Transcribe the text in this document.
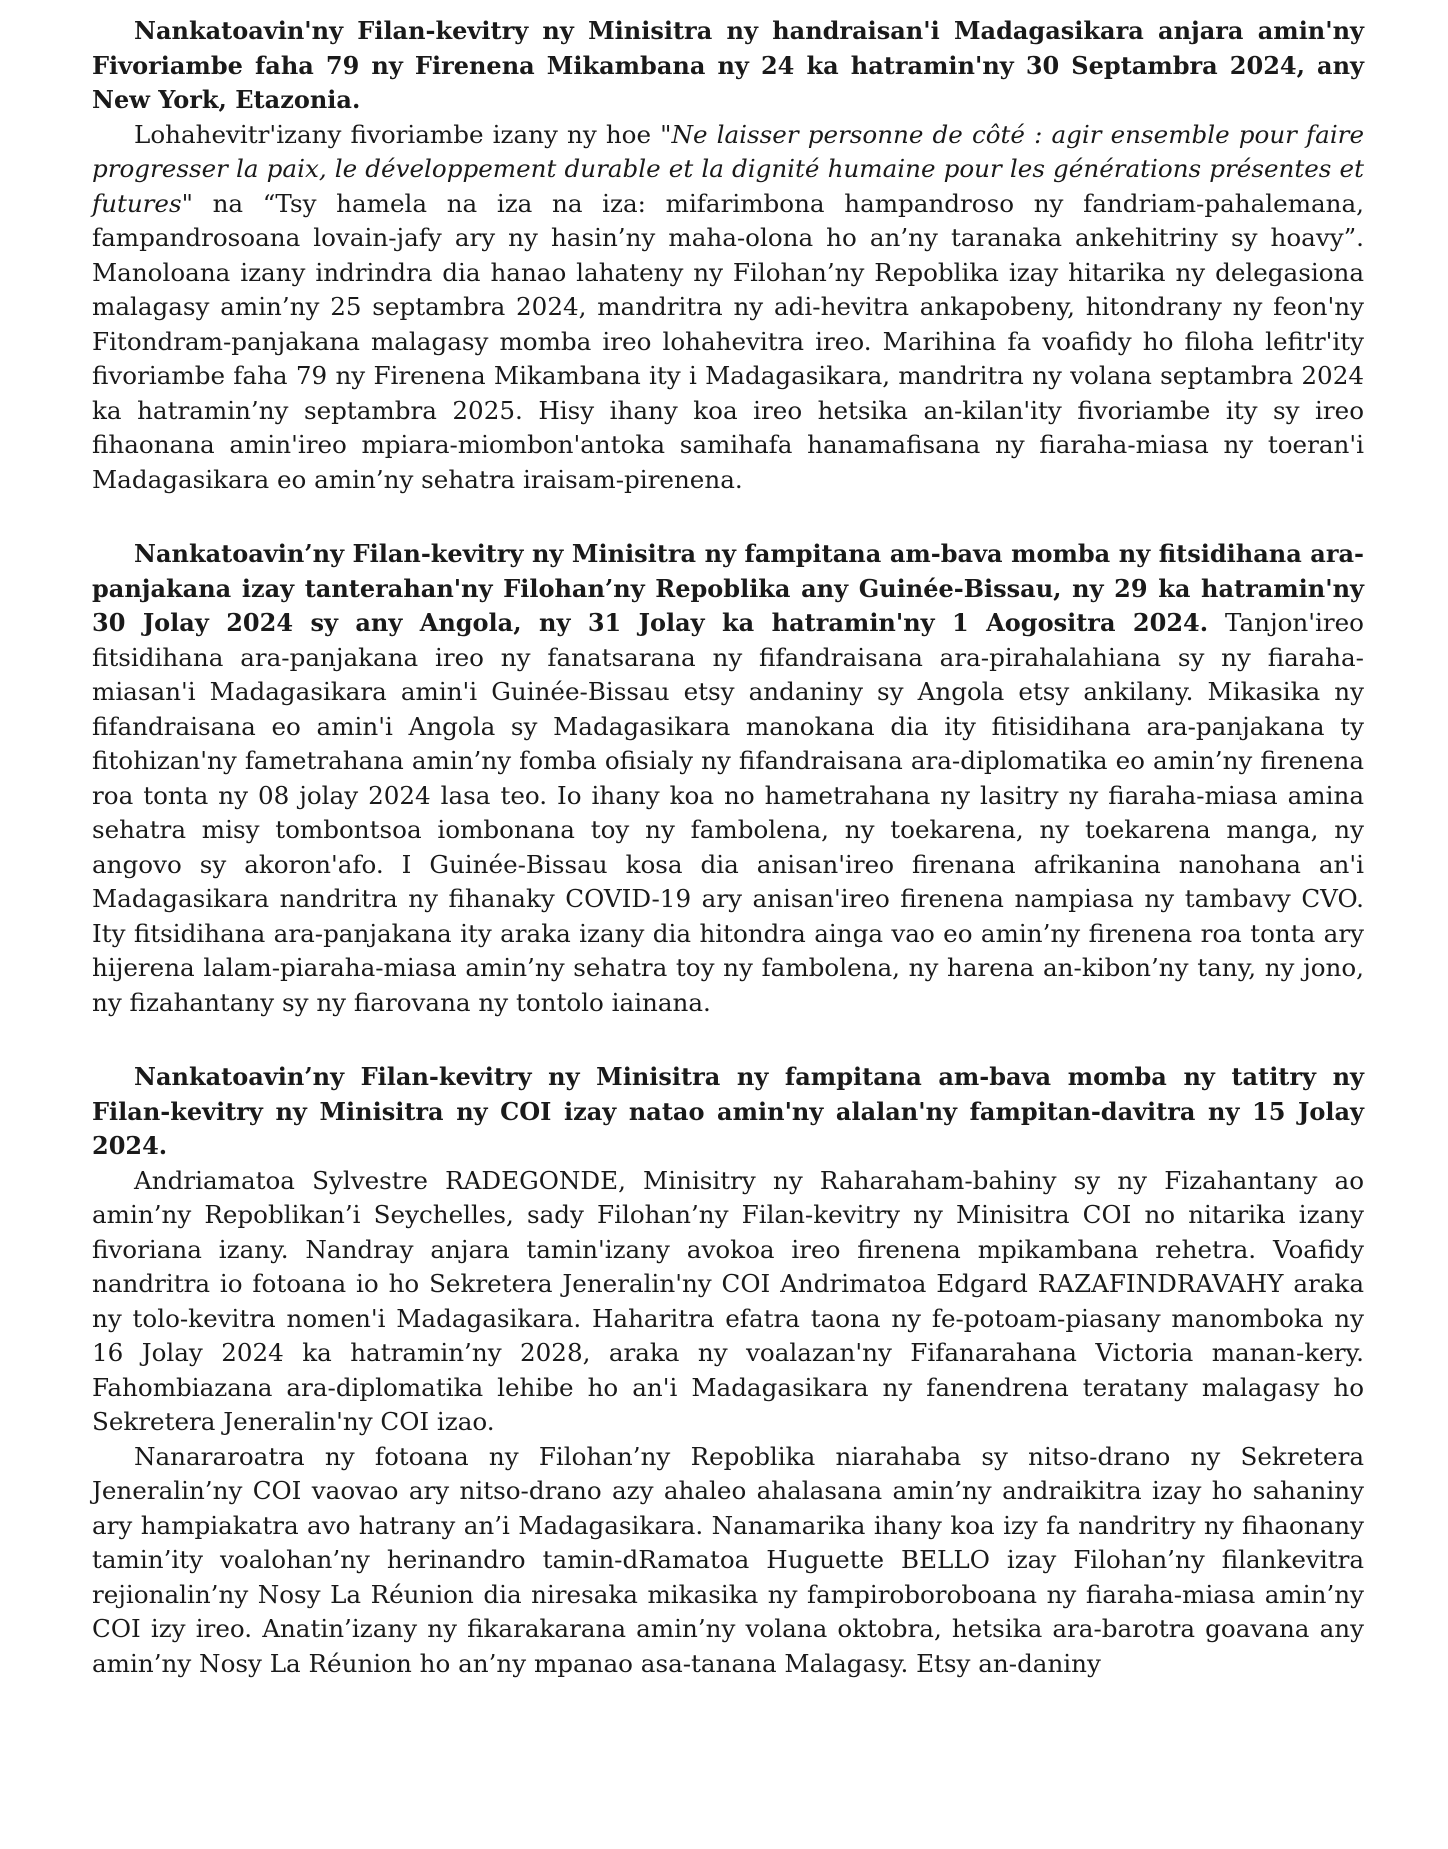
Nankatoavin'ny Filan-kevitry ny Minisitra ny handraisan'i Madagasikara anjara amin'ny Fivoriambe faha 79 ny Firenena Mikambana ny 24 ka hatramin'ny 30 Septambra 2024, any New York, Etazonia.

Lohahevitr'izany fivoriambe izany ny hoe "Ne laisser personne de côté : agir ensemble pour faire progresser la paix, le développement durable et la dignité humaine pour les générations présentes et futures" na “Tsy hamela na iza na iza: mifarimbona hampandroso ny fandriam-pahalemana, fampandrosoana lovain-jafy ary ny hasin’ny maha-olona ho an’ny taranaka ankehitriny sy hoavy”. Manoloana izany indrindra dia hanao lahateny ny Filohan’ny Repoblika izay hitarika ny delegasiona malagasy amin’ny 25 septambra 2024, mandritra ny adi-hevitra ankapobeny, hitondrany ny feon'ny Fitondram-panjakana malagasy momba ireo lohahevitra ireo. Marihina fa voafidy ho filoha lefitr'ity fivoriambe faha 79 ny Firenena Mikambana ity i Madagasikara, mandritra ny volana septambra 2024 ka hatramin’ny septambra 2025. Hisy ihany koa ireo hetsika an-kilan'ity fivoriambe ity sy ireo fihaonana amin'ireo mpiara-miombon'antoka samihafa hanamafisana ny fiaraha-miasa ny toeran'i Madagasikara eo amin’ny sehatra iraisam-pirenena.

Nankatoavin’ny Filan-kevitry ny Minisitra ny fampitana am-bava momba ny fitsidihana ara-panjakana izay tanterahan'ny Filohan’ny Repoblika any Guinée-Bissau, ny 29 ka hatramin'ny 30 Jolay 2024 sy any Angola, ny 31 Jolay ka hatramin'ny 1 Aogositra 2024. Tanjon'ireo fitsidihana ara-panjakana ireo ny fanatsarana ny fifandraisana ara-pirahalahiana sy ny fiaraha-miasan'i Madagasikara amin'i Guinée-Bissau etsy andaniny sy Angola etsy ankilany. Mikasika ny fifandraisana eo amin'i Angola sy Madagasikara manokana dia ity fitisidihana ara-panjakana ty fitohizan'ny fametrahana amin’ny fomba ofisialy ny fifandraisana ara-diplomatika eo amin’ny firenena roa tonta ny 08 jolay 2024 lasa teo. Io ihany koa no hametrahana ny lasitry ny fiaraha-miasa amina sehatra misy tombontsoa iombonana toy ny fambolena, ny toekarena, ny toekarena manga, ny angovo sy akoron'afo. I Guinée-Bissau kosa dia anisan'ireo firenana afrikanina nanohana an'i Madagasikara nandritra ny fihanaky COVID-19 ary anisan'ireo firenena nampiasa ny tambavy CVO. Ity fitsidihana ara-panjakana ity araka izany dia hitondra ainga vao eo amin’ny firenena roa tonta ary hijerena lalam-piaraha-miasa amin’ny sehatra toy ny fambolena, ny harena an-kibon’ny tany, ny jono, ny fizahantany sy ny fiarovana ny tontolo iainana.

Nankatoavin’ny Filan-kevitry ny Minisitra ny fampitana am-bava momba ny tatitry ny Filan-kevitry ny Minisitra ny COI izay natao amin'ny alalan'ny fampitan-davitra ny 15 Jolay 2024.

Andriamatoa Sylvestre RADEGONDE, Minisitry ny Raharaham-bahiny sy ny Fizahantany ao amin’ny Repoblikan’i Seychelles, sady Filohan’ny Filan-kevitry ny Minisitra COI no nitarika izany fivoriana izany. Nandray anjara tamin'izany avokoa ireo firenena mpikambana rehetra. Voafidy nandritra io fotoana io ho Sekretera Jeneralin'ny COI Andrimatoa Edgard RAZAFINDRAVAHY araka ny tolo-kevitra nomen'i Madagasikara. Haharitra efatra taona ny fe-potoam-piasany manomboka ny 16 Jolay 2024 ka hatramin’ny 2028, araka ny voalazan'ny Fifanarahana Victoria manan-kery. Fahombiazana ara-diplomatika lehibe ho an'i Madagasikara ny fanendrena teratany malagasy ho Sekretera Jeneralin'ny COI izao.

Nanararoatra ny fotoana ny Filohan’ny Repoblika niarahaba sy nitso-drano ny Sekretera Jeneralin’ny COI vaovao ary nitso-drano azy ahaleo ahalasana amin’ny andraikitra izay ho sahaniny ary hampiakatra avo hatrany an’i Madagasikara. Nanamarika ihany koa izy fa nandritry ny fihaonany tamin’ity voalohan’ny herinandro tamin-dRamatoa Huguette BELLO izay Filohan’ny filankevitra rejionalin’ny Nosy La Réunion dia niresaka mikasika ny fampiroboroboana ny fiaraha-miasa amin’ny COI izy ireo. Anatin’izany ny fikarakarana amin’ny volana oktobra, hetsika ara-barotra goavana any amin’ny Nosy La Réunion ho an’ny mpanao asa-tanana Malagasy. Etsy an-daniny
